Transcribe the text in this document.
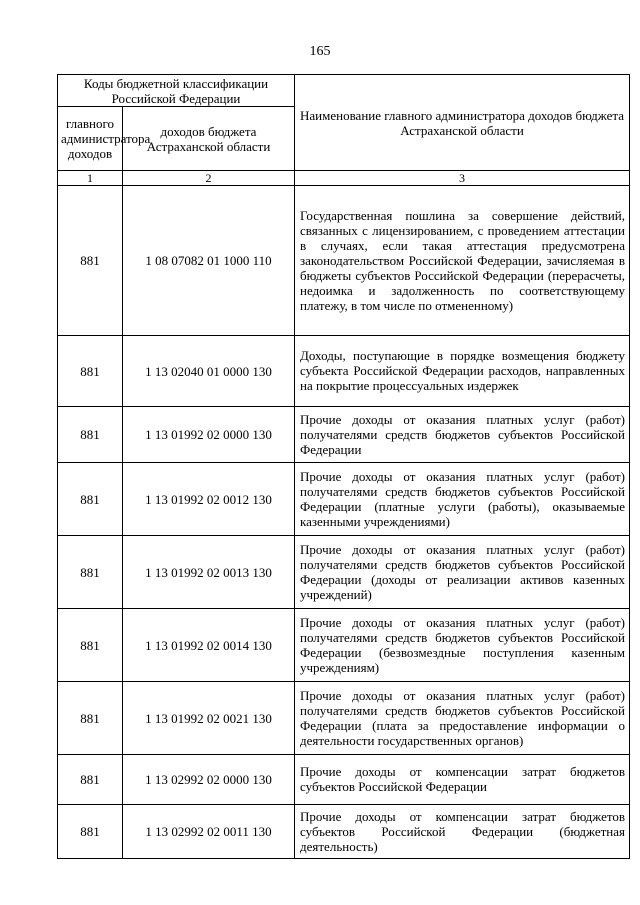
165
Коды бюджетной классификации Российской Федерации		Наименование главного администратора доходов бюджета Астраханской области
главного администратора доходов	доходов бюджета Астраханской области	
1	2	3
881	1 08 07082 01 1000 110	Государственная пошлина за совершение действий, связанных с лицензированием, с проведением аттестации в случаях, если такая аттестация предусмотрена законодательством Российской Федерации, зачисляемая в бюджеты субъектов Российской Федерации (перерасчеты, недоимка и задолженность по соответствующему платежу, в том числе по отмененному)
881	1 13 02040 01 0000 130	Доходы, поступающие в порядке возмещения бюджету субъекта Российской Федерации расходов, направленных на покрытие процессуальных издержек
881	1 13 01992 02 0000 130	Прочие доходы от оказания платных услуг (работ) получателями средств бюджетов субъектов Российской Федерации
881	1 13 01992 02 0012 130	Прочие доходы от оказания платных услуг (работ) получателями средств бюджетов субъектов Российской Федерации (платные услуги (работы), оказываемые казенными учреждениями)
881	1 13 01992 02 0013 130	Прочие доходы от оказания платных услуг (работ) получателями средств бюджетов субъектов Российской Федерации (доходы от реализации активов казенных учреждений)
881	1 13 01992 02 0014 130	Прочие доходы от оказания платных услуг (работ) получателями средств бюджетов субъектов Российской Федерации (безвозмездные поступления казенным учреждениям)
881	1 13 01992 02 0021 130	Прочие доходы от оказания платных услуг (работ) получателями средств бюджетов субъектов Российской Федерации (плата за предоставление информации о деятельности государственных органов)
881	1 13 02992 02 0000 130	Прочие доходы от компенсации затрат бюджетов субъектов Российской Федерации
881	1 13 02992 02 0011 130	Прочие доходы от компенсации затрат бюджетов субъектов Российской Федерации (бюджетная деятельность)
